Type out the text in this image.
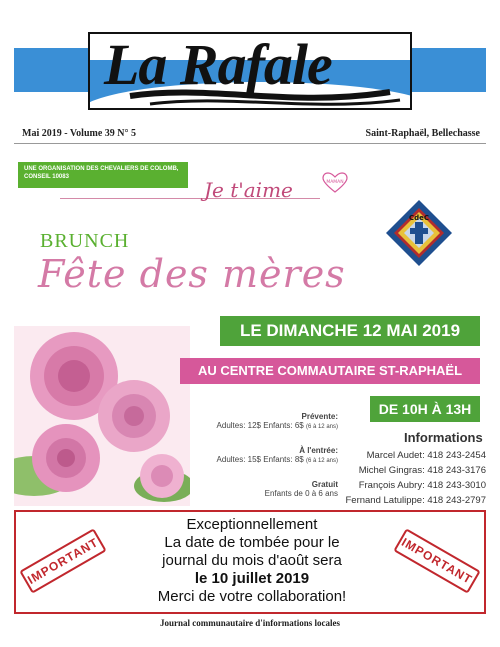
La Rafale
Mai 2019 - Volume 39 N° 5	Saint-Raphaël, Bellechasse
UNE ORGANISATION DES CHEVALIERS DE COLOMB, CONSEIL 10083
Je t'aime	MAMAN
CdeC
BRUNCH
Fête des mères
LE DIMANCHE 12 MAI 2019
AU CENTRE COMMAUTAIRE ST-RAPHAËL
DE 10H À 13H
Prévente:
Adultes: 12$ Enfants: 6$ (6 à 12 ans)
À l'entrée:
Adultes: 15$ Enfants: 8$ (6 à 12 ans)
Gratuit
Enfants de 0 à 6 ans
Informations
Marcel Audet: 418 243-2454
Michel Gingras: 418 243-3176
François Aubry: 418 243-3010
Fernand Latulippe: 418 243-2797
IMPORTANT
Exceptionnellement
La date de tombée pour le
journal du mois d'août sera
le 10 juillet 2019
Merci de votre collaboration!
IMPORTANT
Journal communautaire d'informations locales
